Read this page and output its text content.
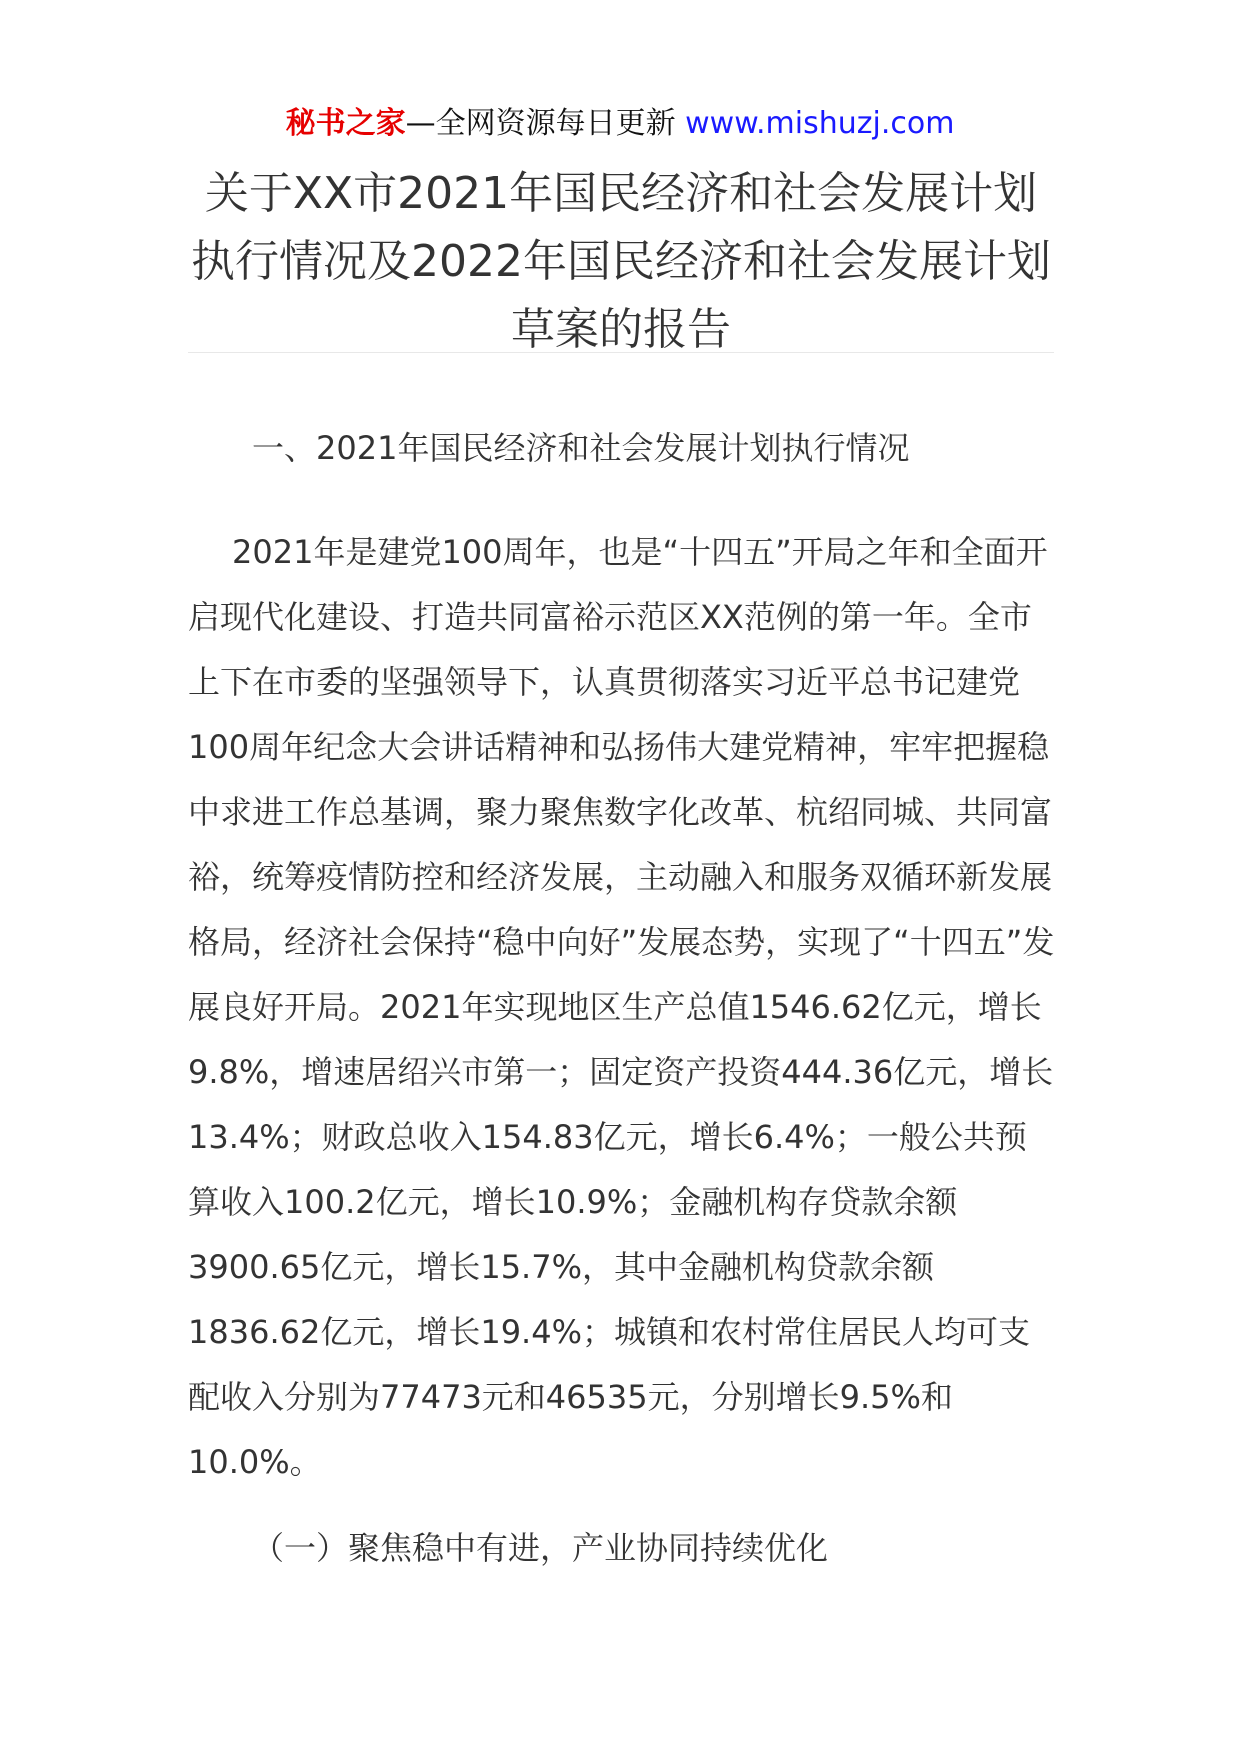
秘书之家—全网资源每日更新 www.mishuzj.com
关于XX市2021年国民经济和社会发展计划执行情况及2022年国民经济和社会发展计划草案的报告
一、2021年国民经济和社会发展计划执行情况

2021年是建党100周年，也是“十四五”开局之年和全面开启现代化建设、打造共同富裕示范区XX范例的第一年。全市上下在市委的坚强领导下，认真贯彻落实习近平总书记建党100周年纪念大会讲话精神和弘扬伟大建党精神，牢牢把握稳中求进工作总基调，聚力聚焦数字化改革、杭绍同城、共同富裕，统筹疫情防控和经济发展，主动融入和服务双循环新发展格局，经济社会保持“稳中向好”发展态势，实现了“十四五”发展良好开局。2021年实现地区生产总值1546.62亿元，增长9.8%，增速居绍兴市第一；固定资产投资444.36亿元，增长13.4%；财政总收入154.83亿元，增长6.4%；一般公共预算收入100.2亿元，增长10.9%；金融机构存贷款余额3900.65亿元，增长15.7%，其中金融机构贷款余额1836.62亿元，增长19.4%；城镇和农村常住居民人均可支配收入分别为77473元和46535元，分别增长9.5%和10.0%。

（一）聚焦稳中有进，产业协同持续优化
